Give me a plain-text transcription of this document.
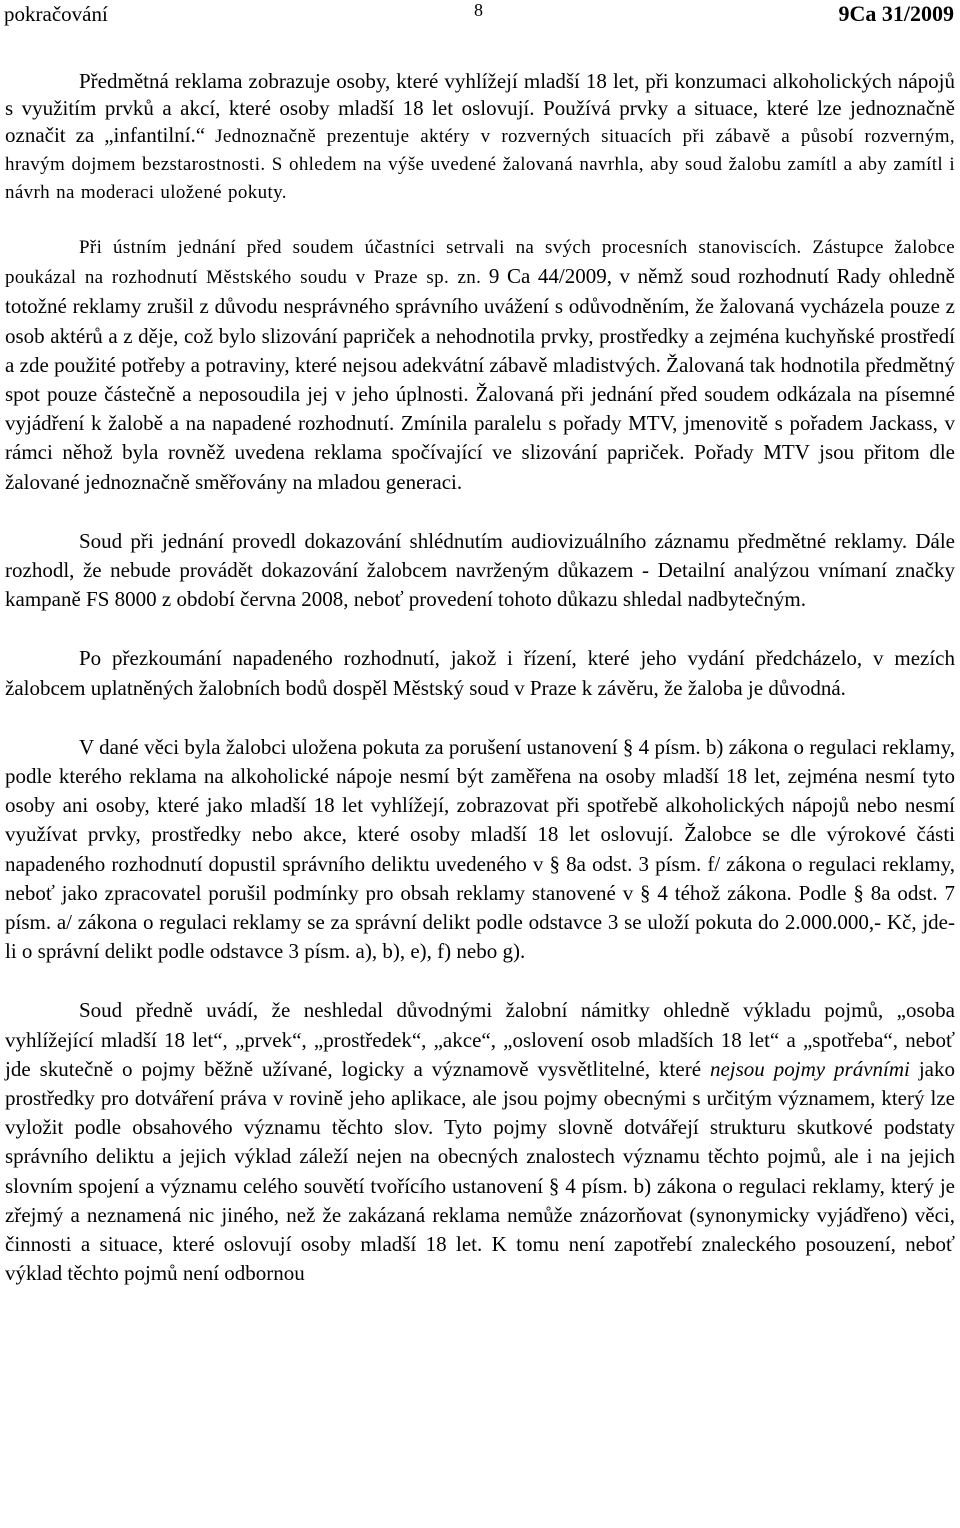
pokračování	8	9Ca 31/2009

Předmětná reklama zobrazuje osoby, které vyhlížejí mladší 18 let, při konzumaci alkoholických nápojů s využitím prvků a akcí, které osoby mladší 18 let oslovují. Používá prvky a situace, které lze jednoznačně označit za „infantilní.“ Jednoznačně prezentuje aktéry v rozverných situacích při zábavě a působí rozverným, hravým dojmem bezstarostnosti. S ohledem na výše uvedené žalovaná navrhla, aby soud žalobu zamítl a aby zamítl i návrh na moderaci uložené pokuty.

Při ústním jednání před soudem účastníci setrvali na svých procesních stanoviscích. Zástupce žalobce poukázal na rozhodnutí Městského soudu v Praze sp. zn. 9 Ca 44/2009, v němž soud rozhodnutí Rady ohledně totožné reklamy zrušil z důvodu nesprávného správního uvážení s odůvodněním, že žalovaná vycházela pouze z osob aktérů a z děje, což bylo slizování papriček a nehodnotila prvky, prostředky a zejména kuchyňské prostředí a zde použité potřeby a potraviny, které nejsou adekvátní zábavě mladistvých. Žalovaná tak hodnotila předmětný spot pouze částečně a neposoudila jej v jeho úplnosti. Žalovaná při jednání před soudem odkázala na písemné vyjádření k žalobě a na napadené rozhodnutí. Zmínila paralelu s pořady MTV, jmenovitě s pořadem Jackass, v rámci něhož byla rovněž uvedena reklama spočívající ve slizování papriček. Pořady MTV jsou přitom dle žalované jednoznačně směřovány na mladou generaci.

Soud při jednání provedl dokazování shlédnutím audiovizuálního záznamu předmětné reklamy. Dále rozhodl, že nebude provádět dokazování žalobcem navrženým důkazem - Detailní analýzou vnímaní značky kampaně FS 8000 z období června 2008, neboť provedení tohoto důkazu shledal nadbytečným.

Po přezkoumání napadeného rozhodnutí, jakož i řízení, které jeho vydání předcházelo, v mezích žalobcem uplatněných žalobních bodů dospěl Městský soud v Praze k závěru, že žaloba je důvodná.

V dané věci byla žalobci uložena pokuta za porušení ustanovení § 4 písm. b) zákona o regulaci reklamy, podle kterého reklama na alkoholické nápoje nesmí být zaměřena na osoby mladší 18 let, zejména nesmí tyto osoby ani osoby, které jako mladší 18 let vyhlížejí, zobrazovat při spotřebě alkoholických nápojů nebo nesmí využívat prvky, prostředky nebo akce, které osoby mladší 18 let oslovují. Žalobce se dle výrokové části napadeného rozhodnutí dopustil správního deliktu uvedeného v § 8a odst. 3 písm. f/ zákona o regulaci reklamy, neboť jako zpracovatel porušil podmínky pro obsah reklamy stanovené v § 4 téhož zákona. Podle § 8a odst. 7 písm. a/ zákona o regulaci reklamy se za správní delikt podle odstavce 3 se uloží pokuta do 2.000.000,- Kč, jde-li o správní delikt podle odstavce 3 písm. a), b), e), f) nebo g).

Soud předně uvádí, že neshledal důvodnými žalobní námitky ohledně výkladu pojmů, „osoba vyhlížející mladší 18 let“, „prvek“, „prostředek“, „akce“, „oslovení osob mladších 18 let“ a „spotřeba“, neboť jde skutečně o pojmy běžně užívané, logicky a významově vysvětlitelné, které nejsou pojmy právními jako prostředky pro dotváření práva v rovině jeho aplikace, ale jsou pojmy obecnými s určitým významem, který lze vyložit podle obsahového významu těchto slov. Tyto pojmy slovně dotvářejí strukturu skutkové podstaty správního deliktu a jejich výklad záleží nejen na obecných znalostech významu těchto pojmů, ale i na jejich slovním spojení a významu celého souvětí tvořícího ustanovení § 4 písm. b) zákona o regulaci reklamy, který je zřejmý a neznamená nic jiného, než že zakázaná reklama nemůže znázorňovat (synonymicky vyjádřeno) věci, činnosti a situace, které oslovují osoby mladší 18 let. K tomu není zapotřebí znaleckého posouzení, neboť výklad těchto pojmů není odbornou
